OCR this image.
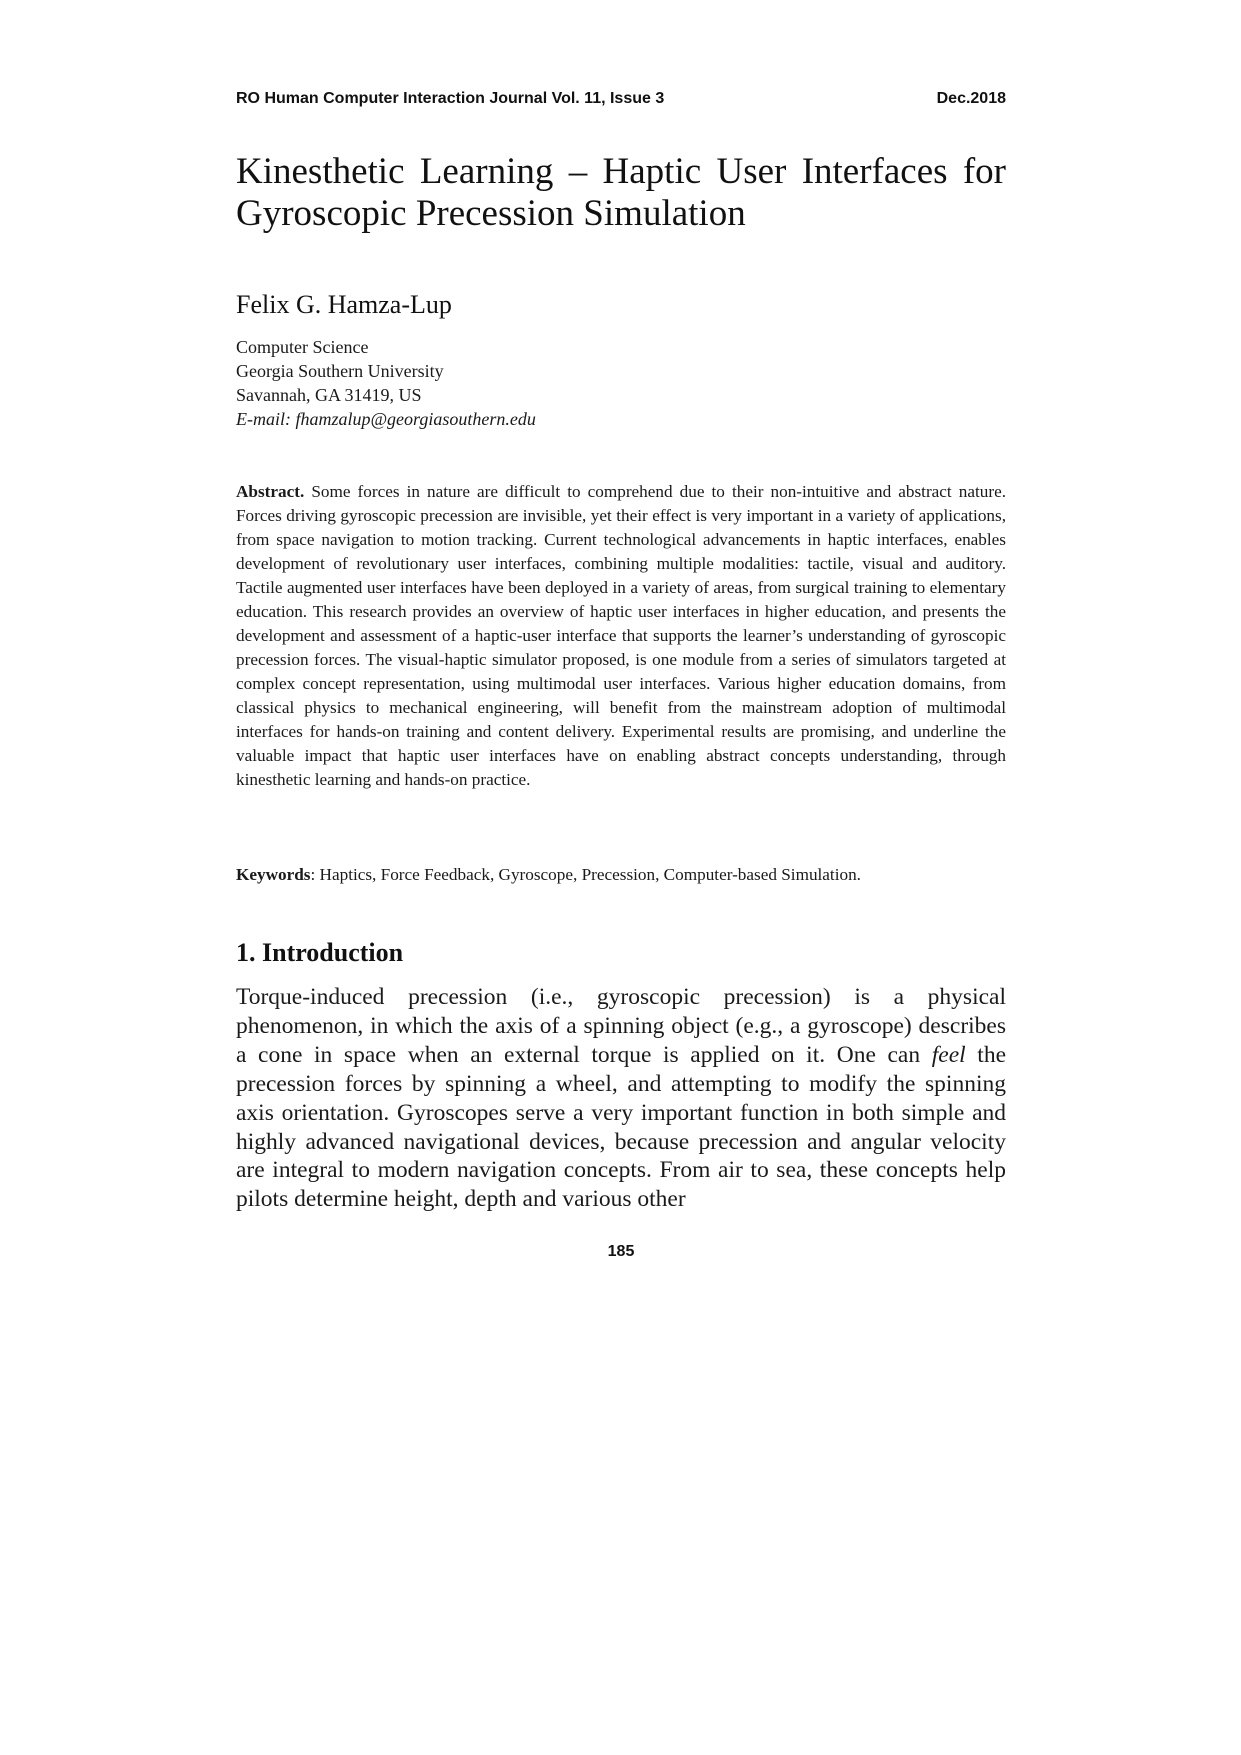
RO Human Computer Interaction Journal Vol. 11, Issue 3	Dec.2018
Kinesthetic Learning – Haptic User Interfaces for Gyroscopic Precession Simulation
Felix G. Hamza-Lup
Computer Science
Georgia Southern University
Savannah, GA 31419, US
E-mail: fhamzalup@georgiasouthern.edu

Abstract. Some forces in nature are difficult to comprehend due to their non-intuitive and abstract nature. Forces driving gyroscopic precession are invisible, yet their effect is very important in a variety of applications, from space navigation to motion tracking. Current technological advancements in haptic interfaces, enables development of revolutionary user interfaces, combining multiple modalities: tactile, visual and auditory. Tactile augmented user interfaces have been deployed in a variety of areas, from surgical training to elementary education. This research provides an overview of haptic user interfaces in higher education, and presents the development and assessment of a haptic-user interface that supports the learner’s understanding of gyroscopic precession forces. The visual-haptic simulator proposed, is one module from a series of simulators targeted at complex concept representation, using multimodal user interfaces. Various higher education domains, from classical physics to mechanical engineering, will benefit from the mainstream adoption of multimodal interfaces for hands-on training and content delivery. Experimental results are promising, and underline the valuable impact that haptic user interfaces have on enabling abstract concepts understanding, through kinesthetic learning and hands-on practice.

Keywords: Haptics, Force Feedback, Gyroscope, Precession, Computer-based Simulation.

1. Introduction

Torque-induced precession (i.e., gyroscopic precession) is a physical phenomenon, in which the axis of a spinning object (e.g., a gyroscope) describes a cone in space when an external torque is applied on it. One can feel the precession forces by spinning a wheel, and attempting to modify the spinning axis orientation. Gyroscopes serve a very important function in both simple and highly advanced navigational devices, because precession and angular velocity are integral to modern navigation concepts. From air to sea, these concepts help pilots determine height, depth and various other

185
